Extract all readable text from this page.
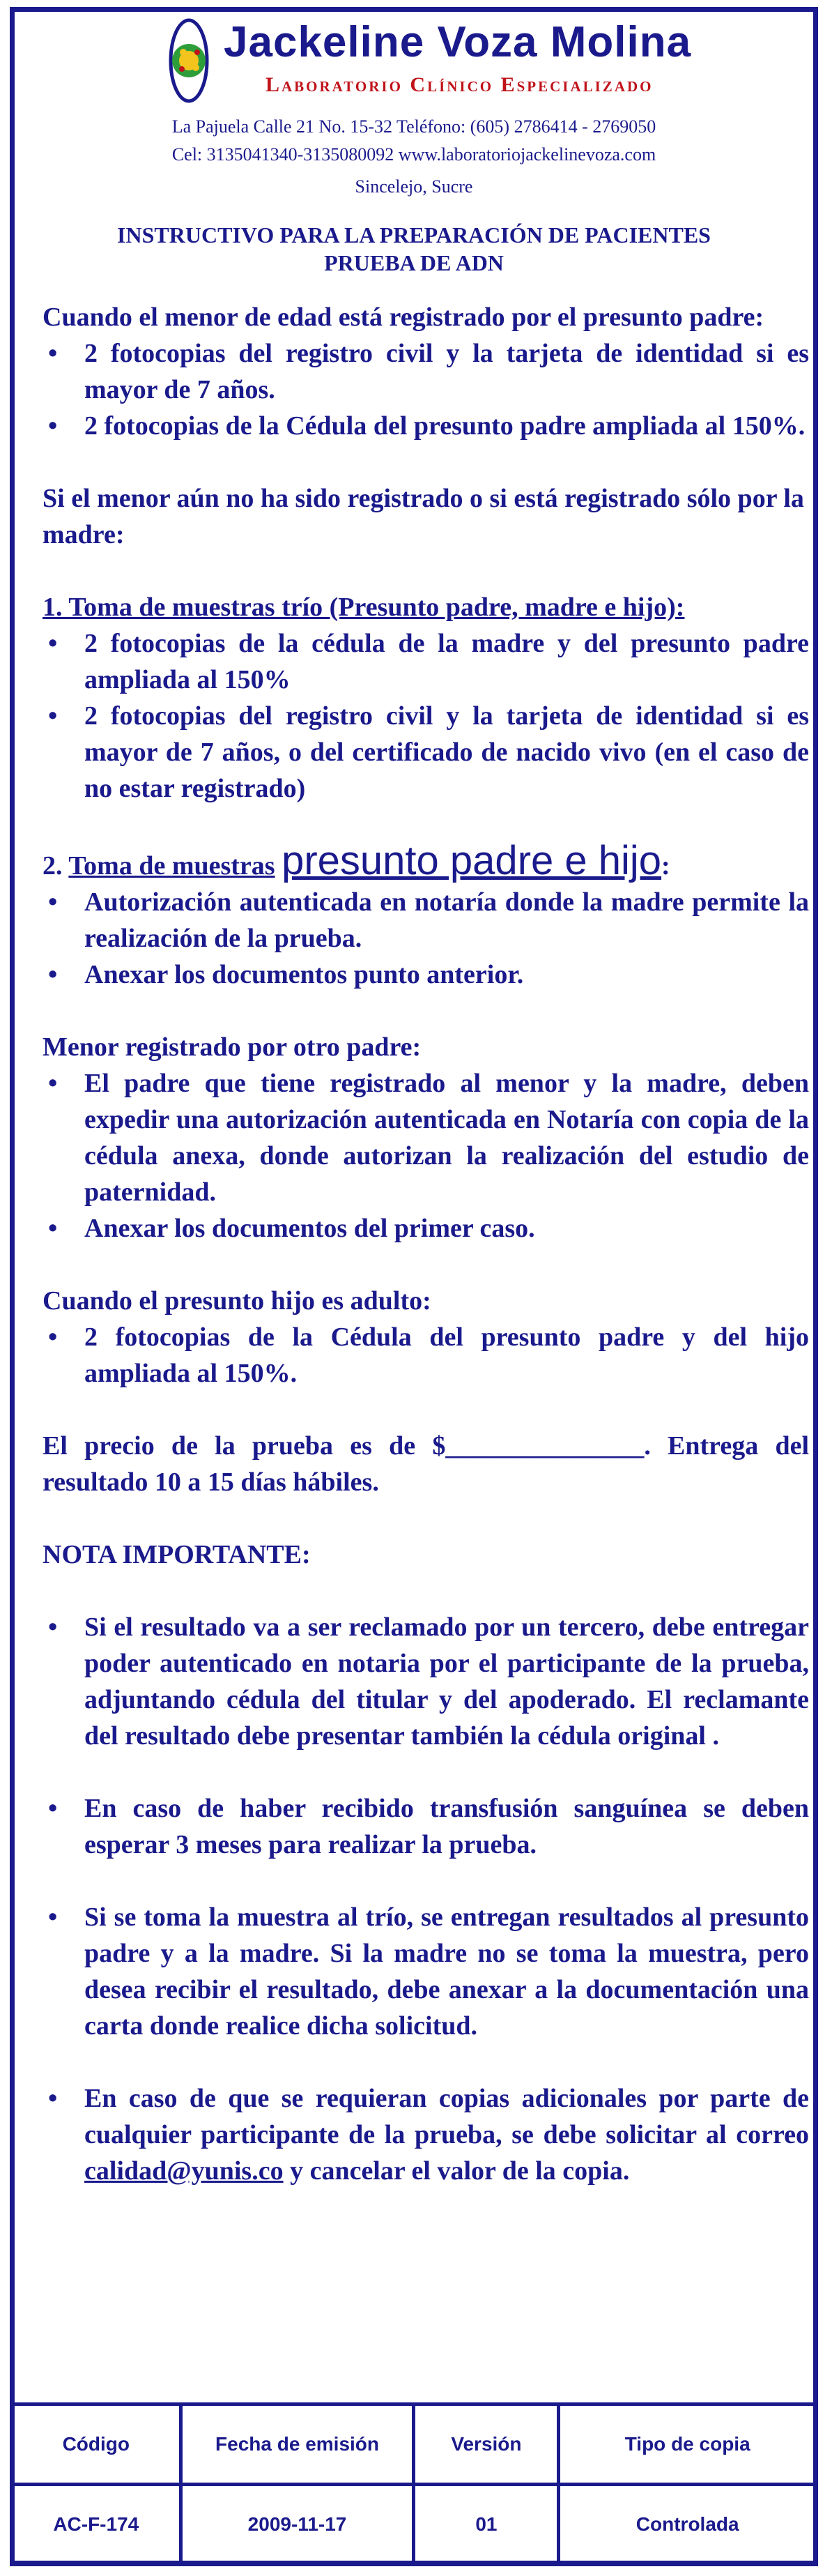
Jackeline Voza Molina
Laboratorio Clínico Especializado
La Pajuela Calle 21 No. 15-32 Teléfono: (605) 2786414 - 2769050
Cel: 3135041340-3135080092 www.laboratoriojackelinevoza.com
Sincelejo, Sucre
INSTRUCTIVO PARA LA PREPARACIÓN DE PACIENTES
PRUEBA DE ADN

Cuando el menor de edad está registrado por el presunto padre:

• 2 fotocopias del registro civil y la tarjeta de identidad si es mayor de 7 años.

• 2 fotocopias de la Cédula del presunto padre ampliada al 150%.

Si el menor aún no ha sido registrado o si está registrado sólo por la madre:

1. Toma de muestras trío (Presunto padre, madre e hijo):

• 2 fotocopias de la cédula de la madre y del presunto padre ampliada al 150%

• 2 fotocopias del registro civil y la tarjeta de identidad si es mayor de 7 años, o del certificado de nacido vivo (en el caso de no estar registrado)

2. Toma de muestras presunto padre e hijo:

• Autorización autenticada en notaría donde la madre permite la realización de la prueba.

• Anexar los documentos punto anterior.

Menor registrado por otro padre:

• El padre que tiene registrado al menor y la madre, deben expedir una autorización autenticada en Notaría con copia de la cédula anexa, donde autorizan la realización del estudio de paternidad.

• Anexar los documentos del primer caso.

Cuando el presunto hijo es adulto:

• 2 fotocopias de la Cédula del presunto padre y del hijo ampliada al 150%.

El precio de la prueba es de $_______________. Entrega del resultado 10 a 15 días hábiles.

NOTA IMPORTANTE:

• Si el resultado va a ser reclamado por un tercero, debe entregar poder autenticado en notaria por el participante de la prueba, adjuntando cédula del titular y del apoderado. El reclamante del resultado debe presentar también la cédula original .

• En caso de haber recibido transfusión sanguínea se deben esperar 3 meses para realizar la prueba.

• Si se toma la muestra al trío, se entregan resultados al presunto padre y a la madre. Si la madre no se toma la muestra, pero desea recibir el resultado, debe anexar a la documentación una carta donde realice dicha solicitud.

• En caso de que se requieran copias adicionales por parte de cualquier participante de la prueba, se debe solicitar al correo calidad@yunis.co y cancelar el valor de la copia.

Código	Fecha de emisión	Versión	Tipo de copia
AC-F-174	2009-11-17	01	Controlada
